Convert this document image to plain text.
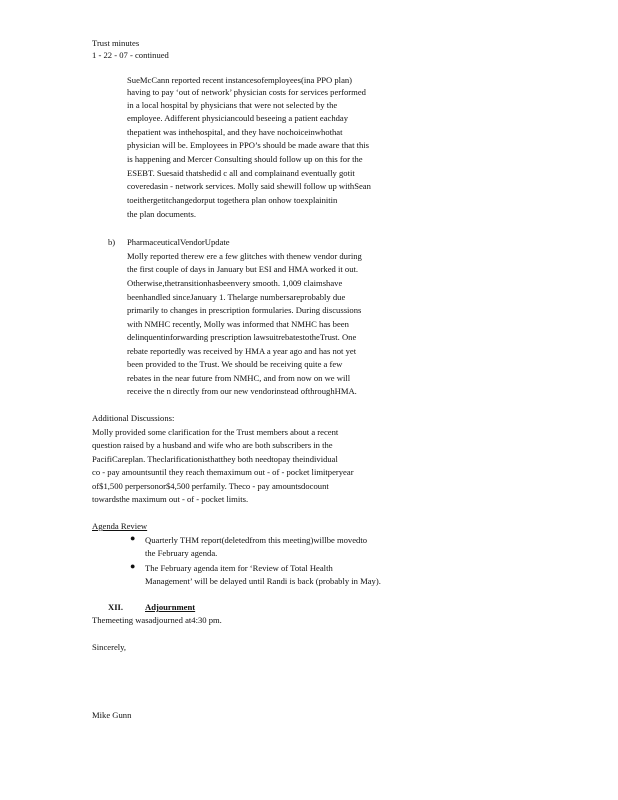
Trust minutes
1 - 22 - 07 - continued
SueMcCann reported recent instancesofemployees(ina PPO plan)
having to pay ‘out of network’ physician costs for services performed
in a local hospital by physicians that were not selected by the
employee. Adifferent physiciancould beseeing a patient eachday
thepatient was inthehospital, and they have nochoiceinwhothat
physician will be. Employees in PPO’s should be made aware that this
is happening and Mercer Consulting should follow up on this for the
ESEBT. Suesaid thatshedid c all and complainand eventually gotit
coveredasin - network services. Molly said shewill follow up withSean
toeithergetitchangedorput togethera plan onhow toexplainitin
the plan documents.
b) PharmaceuticalVendorUpdate
Molly reported therew ere a few glitches with thenew vendor during
the first couple of days in January but ESI and HMA worked it out.
Otherwise,thetransitionhasbeenvery smooth. 1,009 claimshave
beenhandled sinceJanuary 1. Thelarge numbersareprobably due
primarily to changes in prescription formularies. During discussions
with NMHC recently, Molly was informed that NMHC has been
delinquentinforwarding prescription lawsuitrebatestotheTrust. One
rebate reportedly was received by HMA a year ago and has not yet
been provided to the Trust. We should be receiving quite a few
rebates in the near future from NMHC, and from now on we will
receive the n directly from our new vendorinstead ofthroughHMA.
Additional Discussions:
Molly provided some clarification for the Trust members about a recent
question raised by a husband and wife who are both subscribers in the
PacifiCareplan. Theclarificationisthatthey both needtopay theindividual
co - pay amountsuntil they reach themaximum out - of - pocket limitperyear
of$1,500 perpersonor$4,500 perfamily. Theco - pay amountsdocount
towardsthe maximum out - of - pocket limits.
Agenda Review
● Quarterly THM report(deletedfrom this meeting)willbe movedto
the February agenda.
● The February agenda item for ‘Review of Total Health
Management’ will be delayed until Randi is back (probably in May).
XII.	Adjournment
Themeeting wasadjourned at4:30 pm.
Sincerely,
Mike Gunn
